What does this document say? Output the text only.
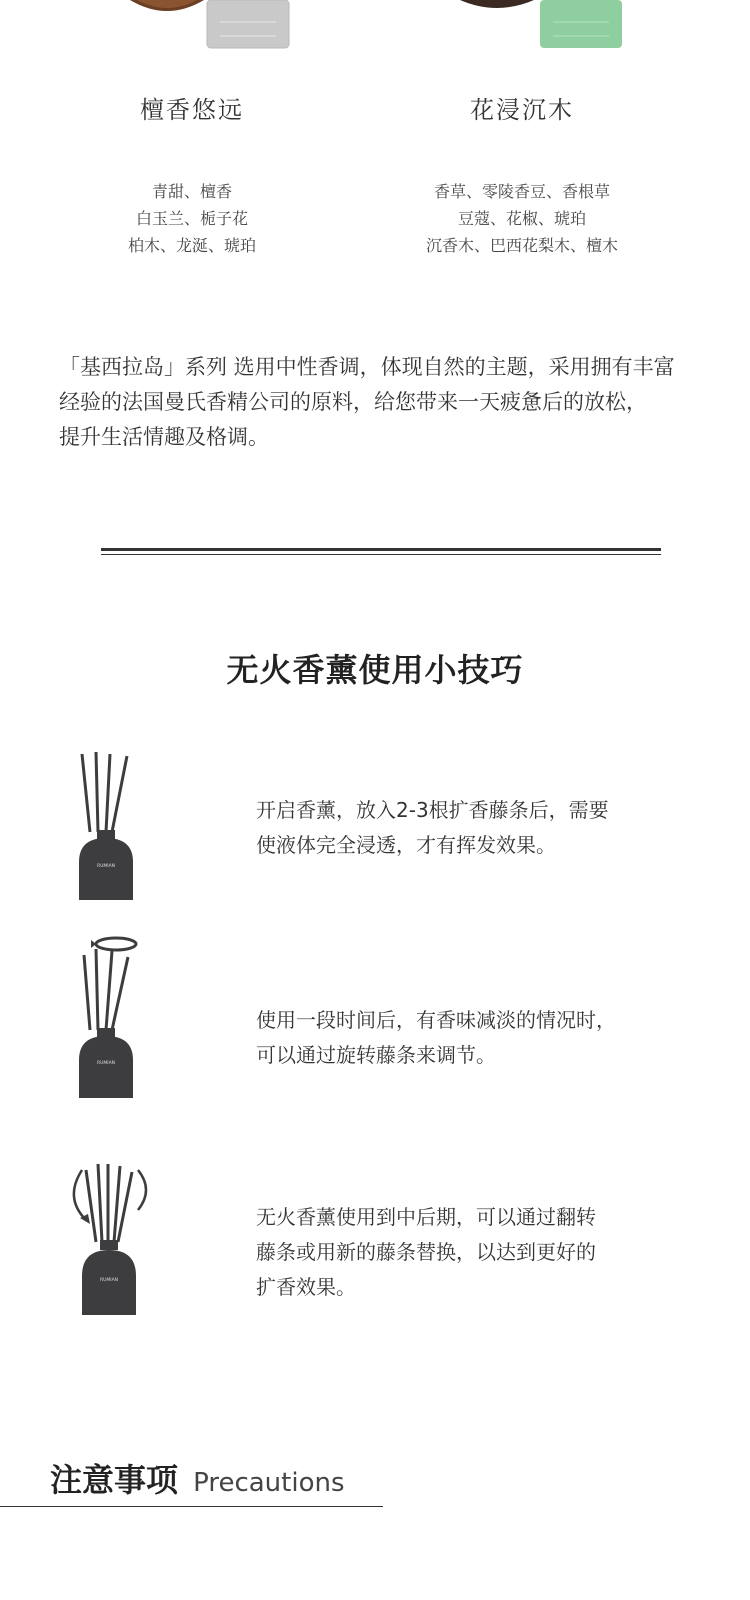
檀香悠远
青甜、檀香
白玉兰、栀子花
柏木、龙涎、琥珀
花浸沉木
香草、零陵香豆、香根草
豆蔻、花椒、琥珀
沉香木、巴西花梨木、檀木
「基西拉岛」系列 选用中性香调，体现自然的主题，采用拥有丰富
经验的法国曼氏香精公司的原料，给您带来一天疲惫后的放松，
提升生活情趣及格调。
无火香薰使用小技巧
RUMIAN
开启香薰，放入2-3根扩香藤条后，需要
使液体完全浸透，才有挥发效果。
RUMIAN
使用一段时间后，有香味减淡的情况时，
可以通过旋转藤条来调节。
RUMIAN
无火香薰使用到中后期，可以通过翻转
藤条或用新的藤条替换，以达到更好的
扩香效果。
注意事项 Precautions
